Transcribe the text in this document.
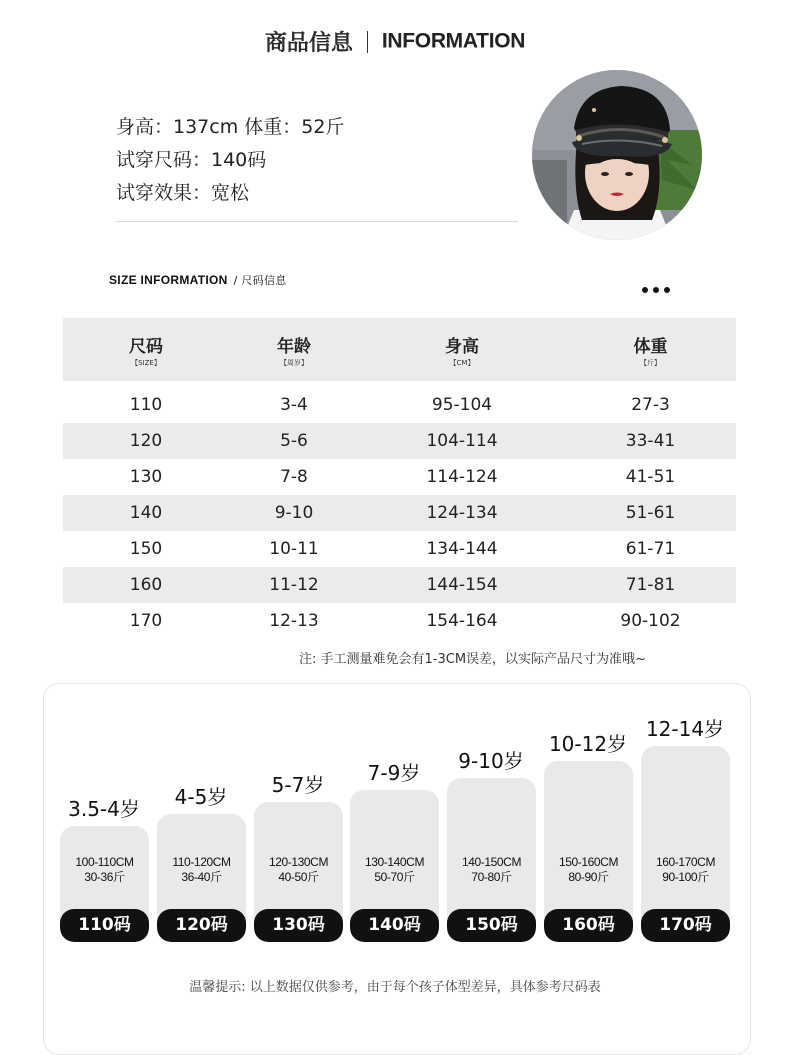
商品信息 INFORMATION
身高：137cm 体重：52斤
试穿尺码：140码
试穿效果：宽松
SIZE INFORMATION / 尺码信息
尺码
【SIZE】
年龄
【周岁】
身高
【CM】
体重
【斤】
110	3-4	95-104	27-3
120	5-6	104-114	33-41
130	7-8	114-124	41-51
140	9-10	124-134	51-61
150	10-11	134-144	61-71
160	11-12	144-154	71-81
170	12-13	154-164	90-102
注: 手工测量难免会有1-3CM误差，以实际产品尺寸为准哦~
100-110CM
30-36斤
110码
3.5-4岁
110-120CM
36-40斤
120码
4-5岁
120-130CM
40-50斤
130码
5-7岁
130-140CM
50-70斤
140码
7-9岁
140-150CM
70-80斤
150码
9-10岁
150-160CM
80-90斤
160码
10-12岁
160-170CM
90-100斤
170码
12-14岁
温馨提示: 以上数据仅供参考，由于每个孩子体型差异，具体参考尺码表
